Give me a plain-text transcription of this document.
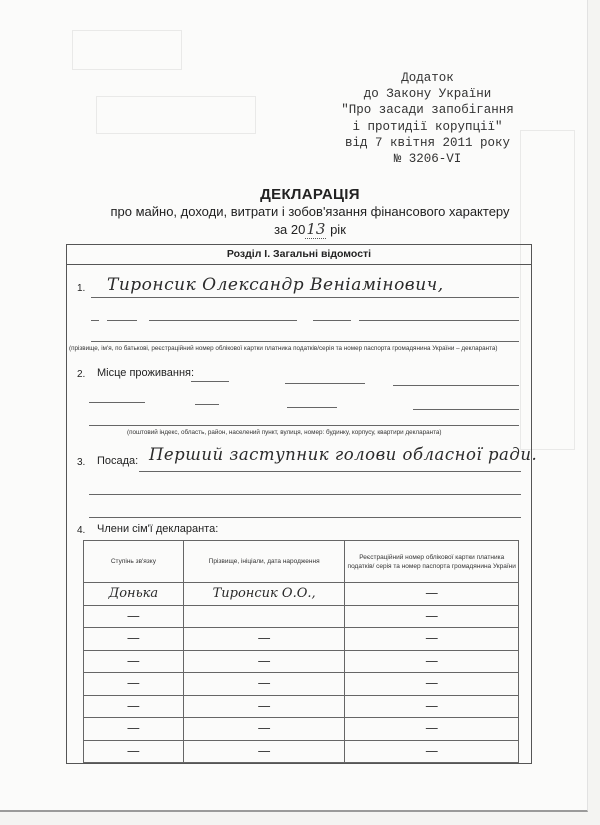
Додаток
до Закону України
"Про засади запобігання
і протидії корупції"
від 7 квітня 2011 року
№ 3206-VI
ДЕКЛАРАЦІЯ
про майно, доходи, витрати і зобов'язання фінансового характеру
за 2013 рік
Розділ І. Загальні відомості
1. Тиронсик Олександр Веніамінович,
(прізвище, ім'я, по батькові, реєстраційний номер облікової картки платника податків/серія та номер паспорта громадянина України – декларанта)
2. Місце проживання:
(поштовий індекс, область, район, населений пункт, вулиця, номер: будинку, корпусу, квартири декларанта)
3. Посада: Перший заступник голови обласної ради.
4. Члени сім'ї декларанта:
Ступінь зв'язку	Прізвище, ініціали, дата народження	Реєстраційний номер облікової картки платника податків/ серія та номер паспорта громадянина України
Донька	Тиронсик О.О.,	—
—		—
—	—	—
—	—	—
—	—	—
—	—	—
—	—	—
—	—	—
